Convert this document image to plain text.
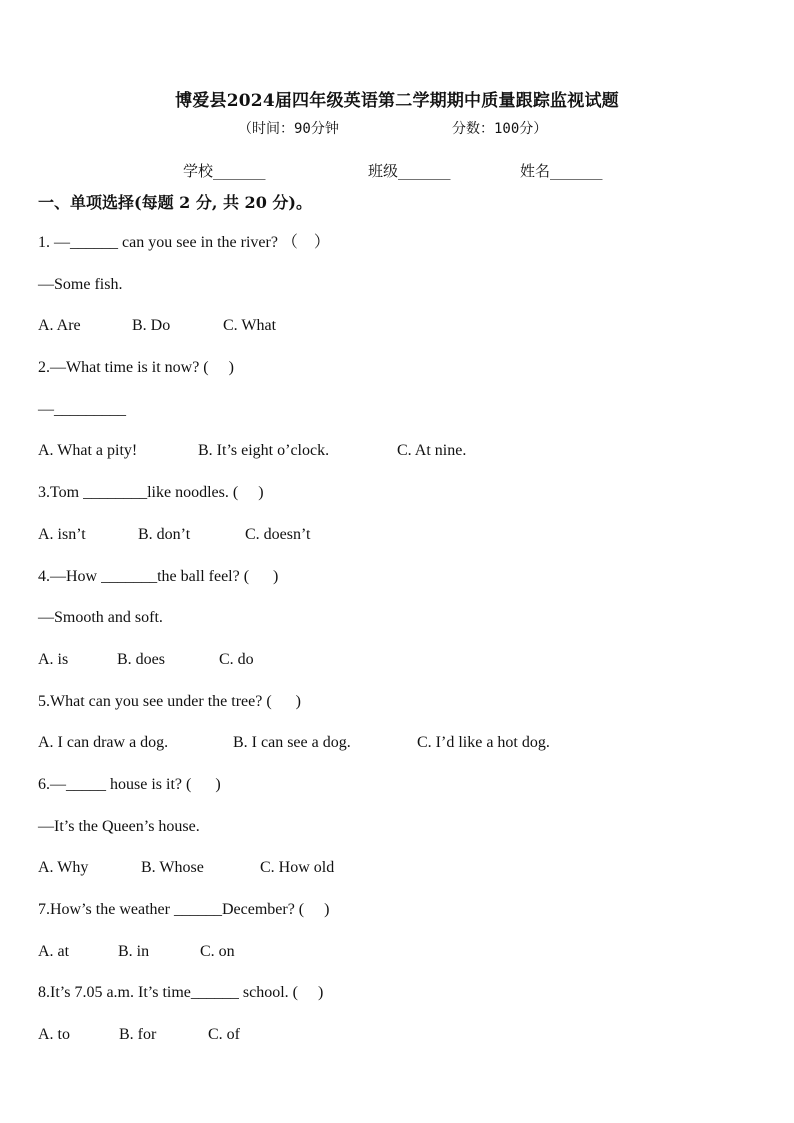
博爱县2024届四年级英语第二学期期中质量跟踪监视试题
（时间：90分钟	分数：100分）
学校_______	班级_______	姓名_______
一、单项选择(每题 2 分, 共 20 分)。
1. —______ can you see in the river? （    ）
—Some fish.
A. Are	B. Do	C. What
2.—What time is it now? (     )
—_________
A. What a pity!	B. It’s eight o’clock.	C. At nine.
3.Tom ________like noodles. (     )
A. isn’t	B. don’t	C. doesn’t
4.—How _______the ball feel? (      )
—Smooth and soft.
A. is	B. does	C. do
5.What can you see under the tree? (      )
A. I can draw a dog.	B. I can see a dog.	C. I’d like a hot dog.
6.—_____ house is it? (      )
—It’s the Queen’s house.
A. Why	B. Whose	C. How old
7.How’s the weather ______December? (     )
A. at	B. in	C. on
8.It’s 7.05 a.m. It’s time______ school. (     )
A. to	B. for	C. of
